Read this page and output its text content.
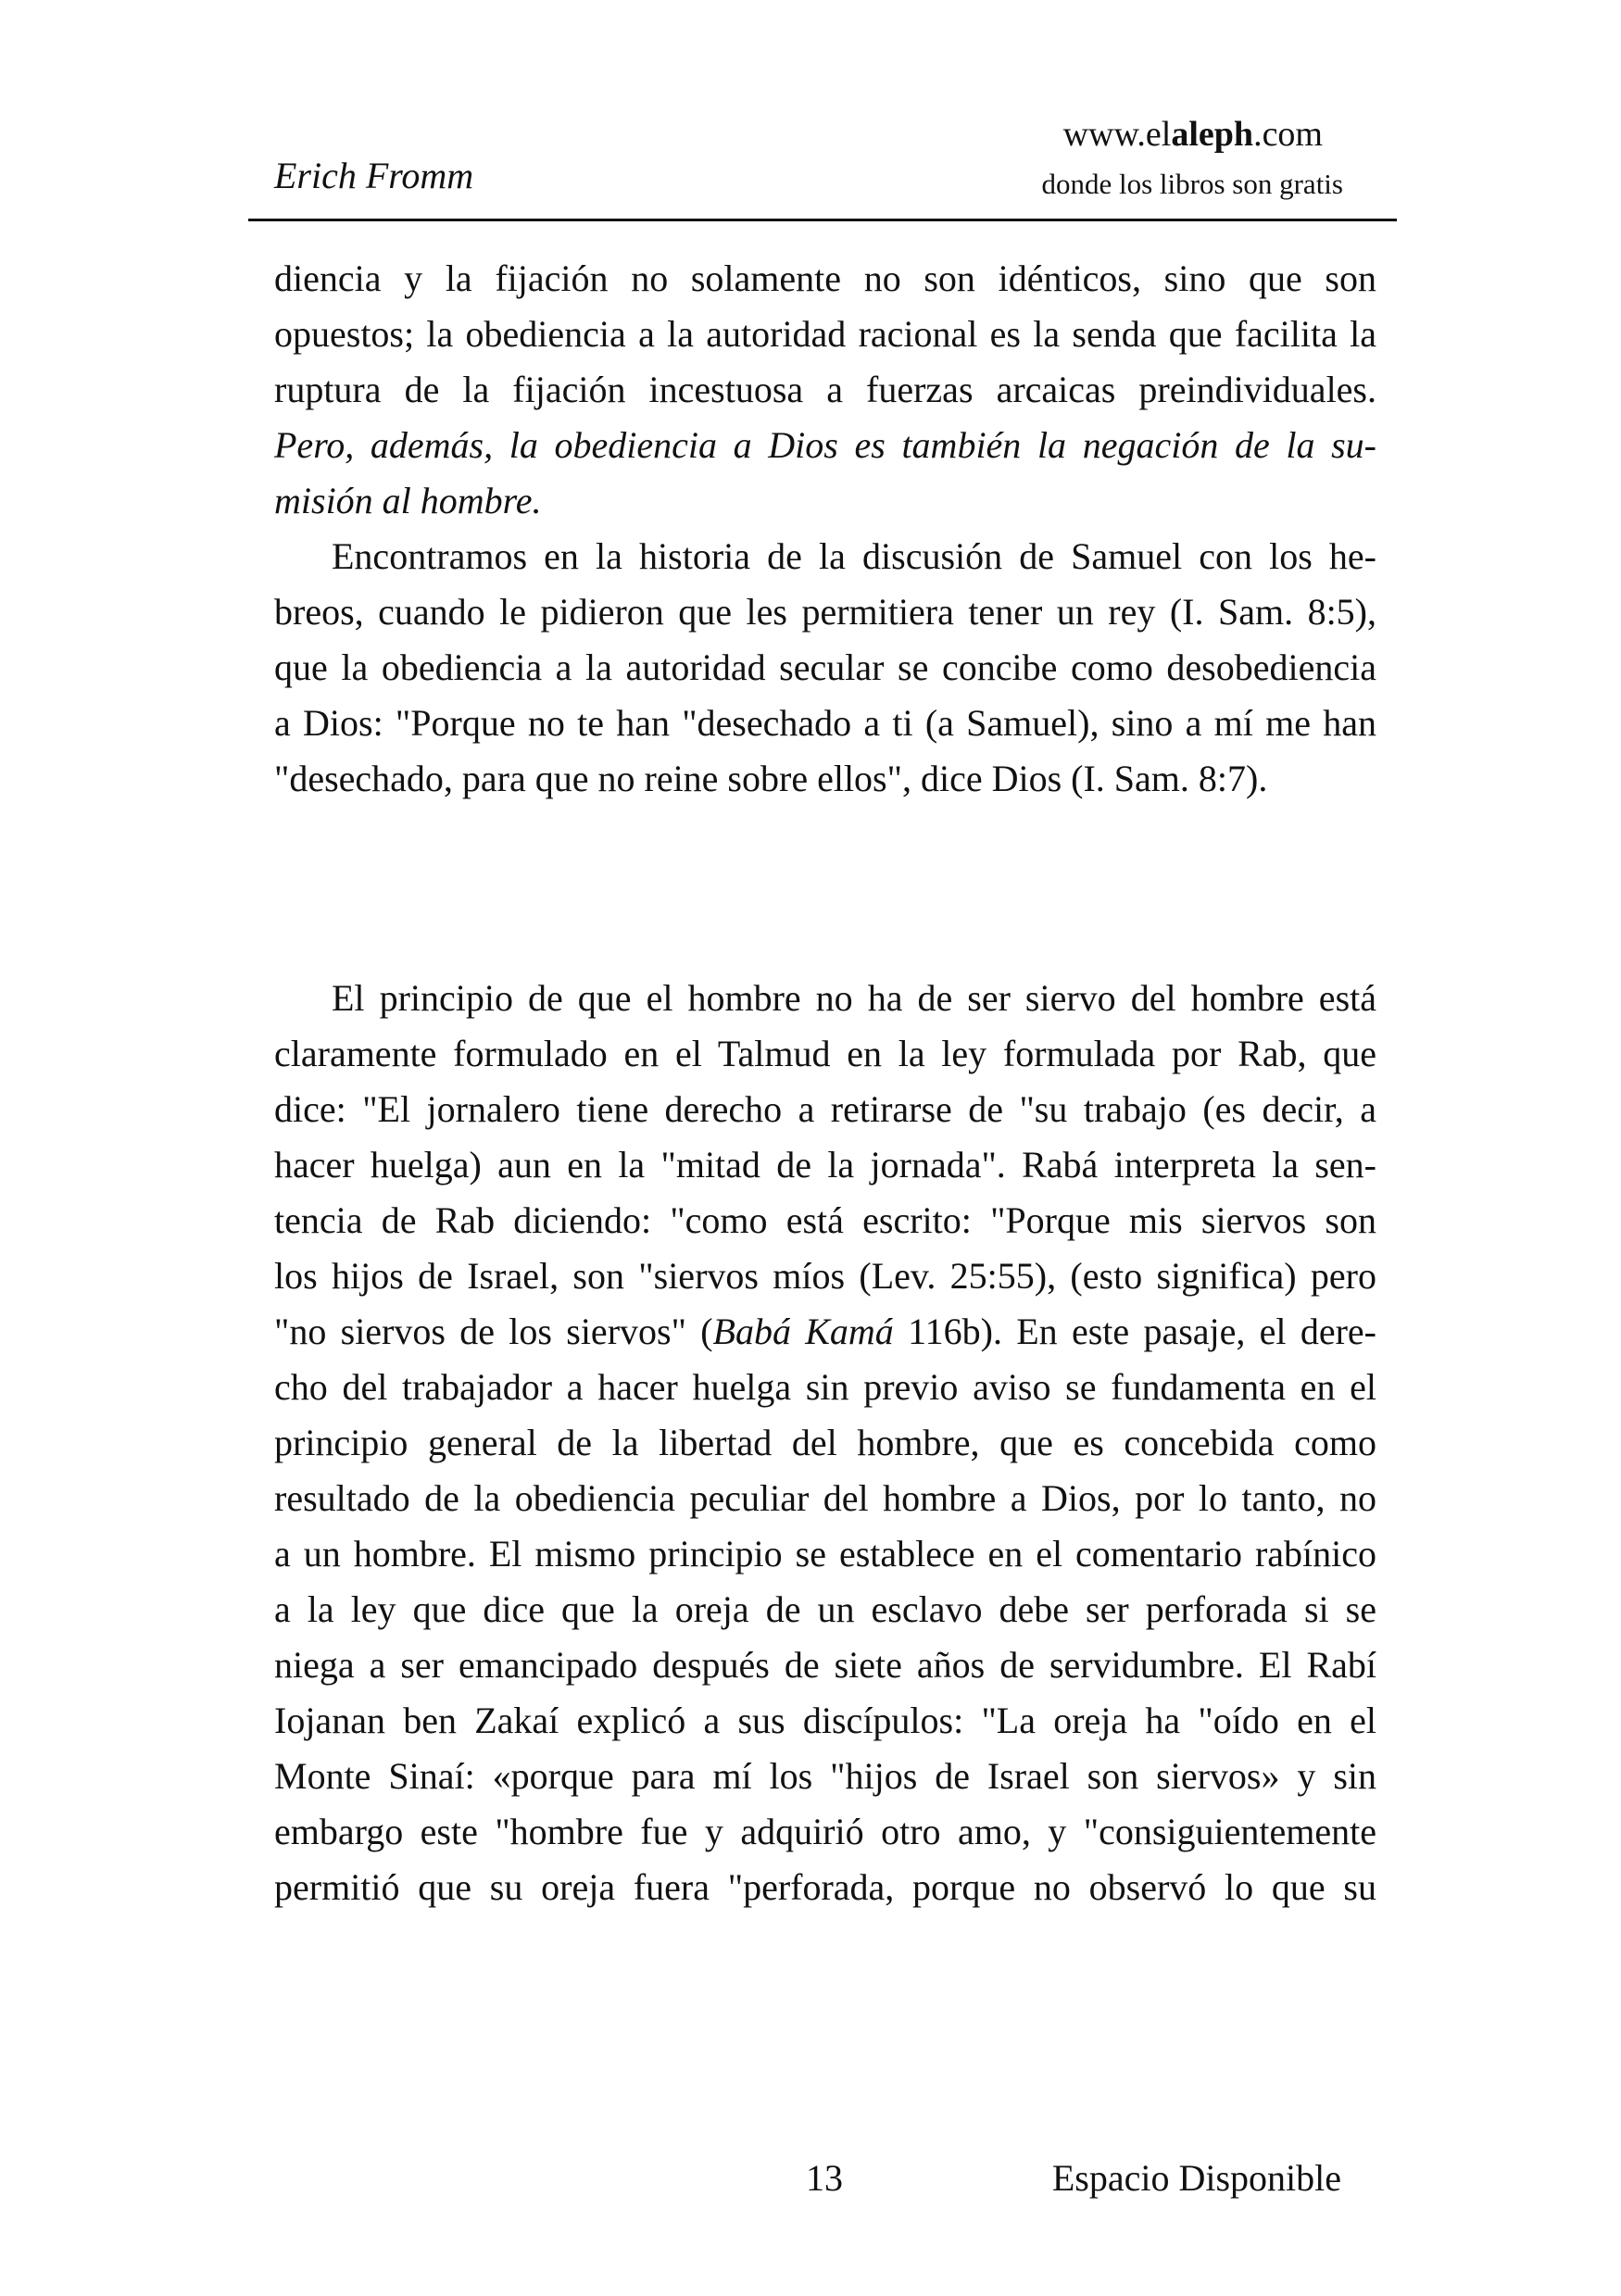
Erich Fromm
www.elaleph.com
donde los libros son gratis
diencia y la fijación no solamente no son idénticos, sino que son
opuestos; la obediencia a la autoridad racional es la senda que facilita la
ruptura de la fijación incestuosa a fuerzas arcaicas preindividuales.
Pero, además, la obediencia a Dios es también la negación de la su-
misión al hombre.
Encontramos en la historia de la discusión de Samuel con los he-
breos, cuando le pidieron que les permitiera tener un rey (I. Sam. 8:5),
que la obediencia a la autoridad secular se concibe como desobediencia
a Dios: "Porque no te han "desechado a ti (a Samuel), sino a mí me han
"desechado, para que no reine sobre ellos", dice Dios (I. Sam. 8:7).
El principio de que el hombre no ha de ser siervo del hombre está
claramente formulado en el Talmud en la ley formulada por Rab, que
dice: "El jornalero tiene derecho a retirarse de "su trabajo (es decir, a
hacer huelga) aun en la "mitad de la jornada". Rabá interpreta la sen-
tencia de Rab diciendo: "como está escrito: "Porque mis siervos son
los hijos de Israel, son "siervos míos (Lev. 25:55), (esto significa) pero
"no siervos de los siervos" (Babá Kamá 116b). En este pasaje, el dere-
cho del trabajador a hacer huelga sin previo aviso se fundamenta en el
principio general de la libertad del hombre, que es concebida como
resultado de la obediencia peculiar del hombre a Dios, por lo tanto, no
a un hombre. El mismo principio se establece en el comentario rabínico
a la ley que dice que la oreja de un esclavo debe ser perforada si se
niega a ser emancipado después de siete años de servidumbre. El Rabí
Iojanan ben Zakaí explicó a sus discípulos: "La oreja ha "oído en el
Monte Sinaí: «porque para mí los "hijos de Israel son siervos» y sin
embargo este "hombre fue y adquirió otro amo, y "consiguientemente
permitió que su oreja fuera "perforada, porque no observó lo que su
13	Espacio Disponible
